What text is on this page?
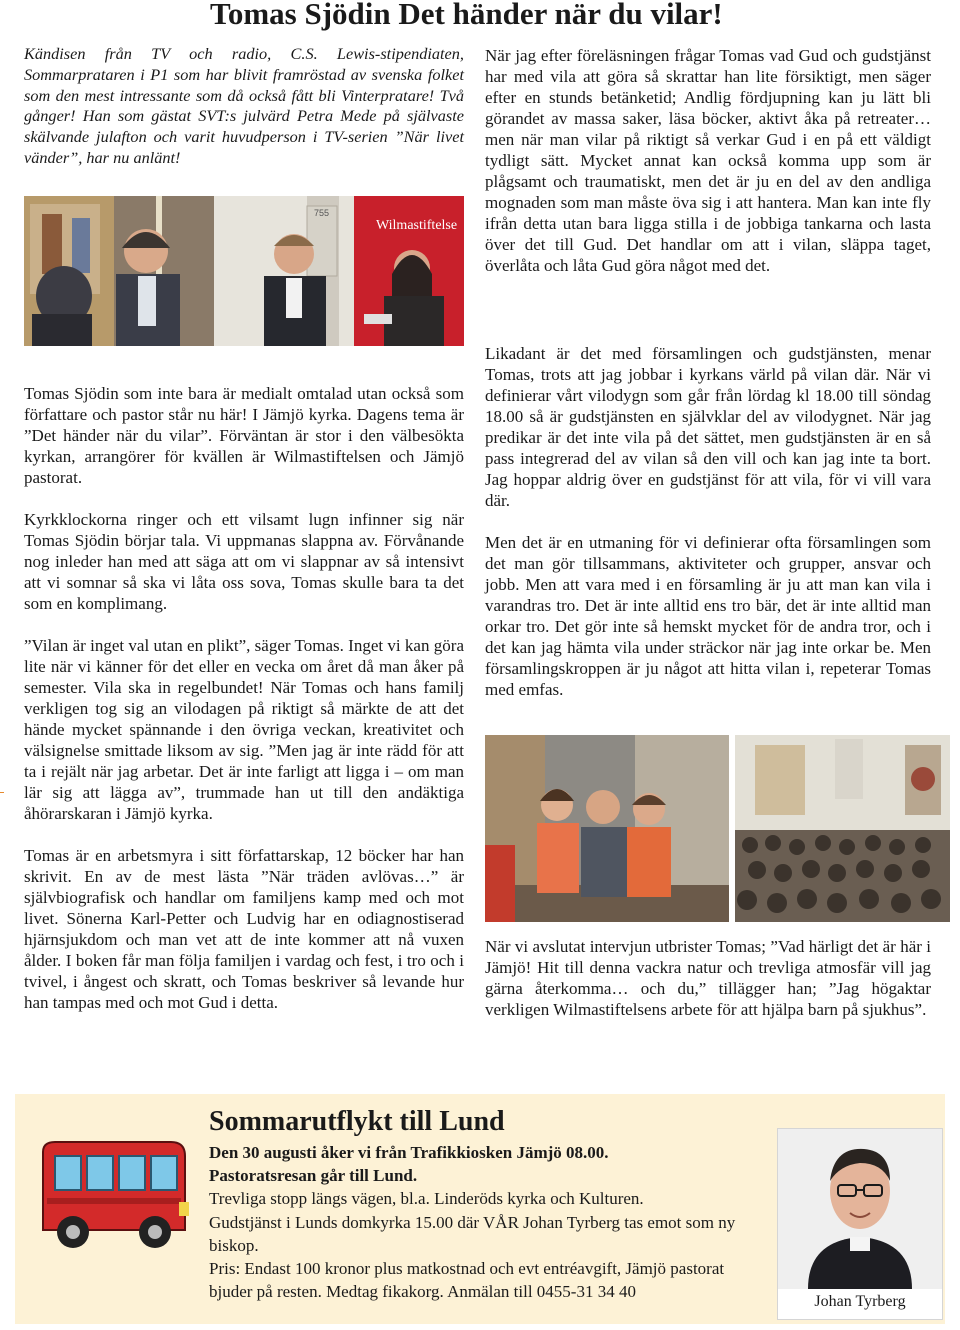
Tomas Sjödin Det händer när du vilar!

Kändisen från TV och radio, C.S. Lewis-stipendiaten, Sommarprataren i P1 som har blivit framröstad av svenska folket som den mest intressante som då också fått bli Vinterpratare! Två gånger! Han som gästat SVT:s julvärd Petra Mede på självaste skälvande julafton och varit huvudperson i TV-serien ”När livet vänder”, har nu anlänt!

Wilmastiftelse
755

Tomas Sjödin som inte bara är medialt omtalad utan också som författare och pastor står nu här! I Jämjö kyrka. Dagens tema är ”Det händer när du vilar”. Förväntan är stor i den välbesökta kyrkan, arrangörer för kvällen är Wilmastiftelsen och Jämjö pastorat.

Kyrkklockorna ringer och ett vilsamt lugn infinner sig när Tomas Sjödin börjar tala. Vi uppmanas slappna av. Förvånande nog inleder han med att säga att om vi slappnar av så intensivt att vi somnar så ska vi låta oss sova, Tomas skulle bara ta det som en komplimang.

”Vilan är inget val utan en plikt”, säger Tomas. Inget vi kan göra lite när vi känner för det eller en vecka om året då man åker på semester. Vila ska in regelbundet! När Tomas och hans familj verkligen tog sig an vilodagen på riktigt så märkte de att det hände mycket spännande i den övriga veckan, kreativitet och välsignelse smittade liksom av sig. ”Men jag är inte rädd för att ta i rejält när jag arbetar. Det är inte farligt att ligga i – om man lär sig att lägga av”, trummade han ut till den andäktiga åhörarskaran i Jämjö kyrka.

Tomas är en arbetsmyra i sitt författarskap, 12 böcker har han skrivit. En av de mest lästa ”När träden avlövas…” är självbiografisk och handlar om familjens kamp med och mot livet. Sönerna Karl-Petter och Ludvig har en odiagnostiserad hjärnsjukdom och man vet att de inte kommer att nå vuxen ålder. I boken får man följa familjen i vardag och fest, i tro och i tvivel, i ångest och skratt, och Tomas beskriver så levande hur han tampas med och mot Gud i detta.

När jag efter föreläsningen frågar Tomas vad Gud och gudstjänst har med vila att göra så skrattar han lite försiktigt, men säger efter en stunds betänketid; Andlig fördjupning kan ju lätt bli görandet av massa saker, läsa böcker, aktivt åka på retreater… men när man vilar på riktigt så verkar Gud i en på ett väldigt tydligt sätt. Mycket annat kan också komma upp som är plågsamt och traumatiskt, men det är ju en del av den andliga mognaden som man måste öva sig i att hantera. Man kan inte fly ifrån detta utan bara ligga stilla i de jobbiga tankarna och lasta över det till Gud. Det handlar om att i vilan, släppa taget, överlåta och låta Gud göra något med det.

Likadant är det med församlingen och gudstjänsten, menar Tomas, trots att jag jobbar i kyrkans värld på vilan där. När vi definierar vårt vilodygn som går från lördag kl 18.00 till söndag 18.00 så är gudstjänsten en självklar del av vilodygnet. När jag predikar är det inte vila på det sättet, men gudstjänsten är en så pass integrerad del av vilan så den vill och kan jag inte ta bort. Jag hoppar aldrig över en gudstjänst för att vila, för vi vill vara där.

Men det är en utmaning för vi definierar ofta församlingen som det man gör tillsammans, aktiviteter och grupper, ansvar och jobb. Men att vara med i en församling är ju att man kan vila i varandras tro. Det är inte alltid ens tro bär, det är inte alltid man orkar tro. Det gör inte så hemskt mycket för de andra tror, och i det kan jag hämta vila under sträckor när jag inte orkar be. Men församlingskroppen är ju något att hitta vilan i, repeterar Tomas med emfas.

När vi avslutat intervjun utbrister Tomas; ”Vad härligt det är här i Jämjö! Hit till denna vackra natur och trevliga atmosfär vill jag gärna återkomma… och du,” tillägger han; ”Jag högaktar verkligen Wilmastiftelsens arbete för att hjälpa barn på sjukhus”.

Sommarutflykt till Lund
Den 30 augusti åker vi från Trafikkiosken Jämjö 08.00.
Pastoratsresan går till Lund.
Trevliga stopp längs vägen, bl.a. Linderöds kyrka och Kulturen.
Gudstjänst i Lunds domkyrka 15.00 där VÅR Johan Tyrberg tas emot som ny biskop.
Pris: Endast 100 kronor plus matkostnad och evt entréavgift, Jämjö pastorat bjuder på resten. Medtag fikakorg. Anmälan till 0455-31 34 40
Johan Tyrberg
